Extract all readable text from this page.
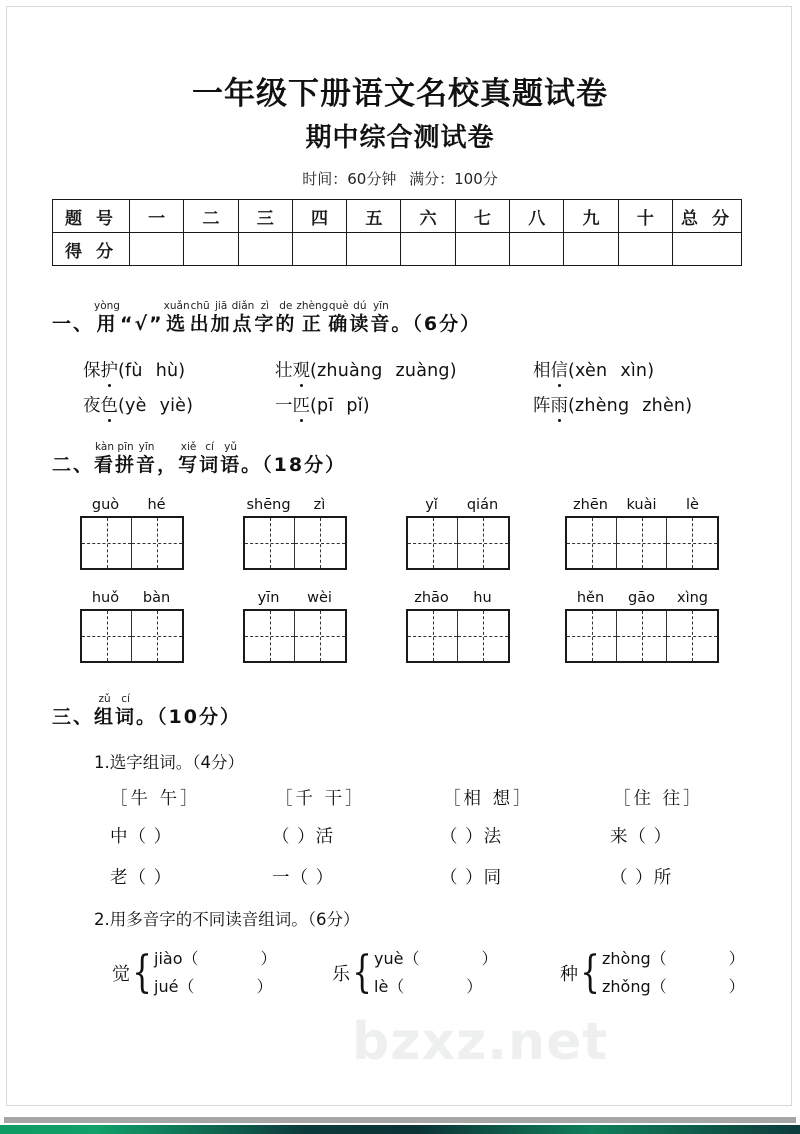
bzxz.net
一年级下册语文名校真题试卷
期中综合测试卷
时间：60分钟 满分：100分
题 号	一	二	三	四	五	六	七	八	九	十	总 分
得 分											
一、
yòng
用 “√”
xuǎn
选
chū
出
jiā
加
diǎn
点
zì
字
de
的
zhèng
正
què
确
dú
读
yīn
音 。（6分）
保护(fù hù)	壮观(zhuàng zuàng)	相信(xèn xìn)
夜色(yè yiè)	一匹(pī pǐ)	阵雨(zhèng zhèn)
二、
kàn
看
pīn
拼
yīn
音 ，
xiě
写
cí
词
yǔ
语 。（18分）
guò	hé	shēng	zì	yǐ	qián	zhēn	kuài	lè
huǒ	bàn	yīn	wèi	zhāo	hu	hěn	gāo	xìng
三、
zǔ
组
cí
词 。（10分）
1.选字组词。（4分）
［牛 午］	［千 干］	［相 想］	［住 往］
中（ ）	（ ）活	（ ）法	来（ ）
老（ ）	一（ ）	（ ）同	（ ）所
2.用多音字的不同读音组词。（6分）
觉 { jiào（	）
jué（	）
乐 { yuè（	）
lè（	）
种 { zhòng（	）
zhǒng（	）
